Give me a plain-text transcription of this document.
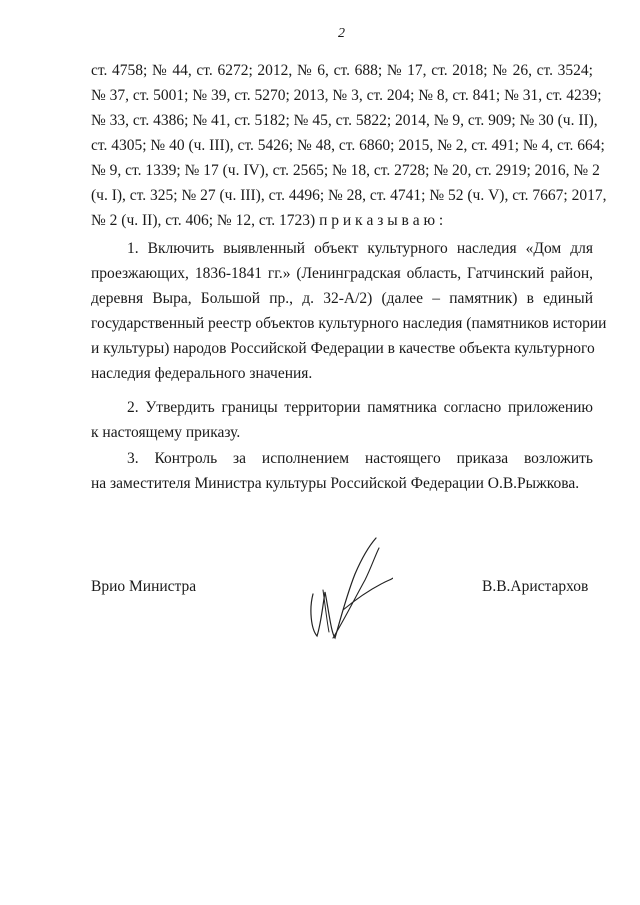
2
ст. 4758; № 44, ст. 6272; 2012, № 6, ст. 688; № 17, ст. 2018; № 26, ст. 3524;
№ 37, ст. 5001; № 39, ст. 5270; 2013, № 3, ст. 204; № 8, ст. 841; № 31, ст. 4239;
№ 33, ст. 4386; № 41, ст. 5182; № 45, ст. 5822; 2014, № 9, ст. 909; № 30 (ч. II),
ст. 4305; № 40 (ч. III), ст. 5426; № 48, ст. 6860; 2015, № 2, ст. 491; № 4, ст. 664;
№ 9, ст. 1339; № 17 (ч. IV), ст. 2565; № 18, ст. 2728; № 20, ст. 2919; 2016, № 2
(ч. I), ст. 325; № 27 (ч. III), ст. 4496; № 28, ст. 4741; № 52 (ч. V), ст. 7667; 2017,
№ 2 (ч. II), ст. 406; № 12, ст. 1723) п р и к а з ы в а ю :
1. Включить выявленный объект культурного наследия «Дом для
проезжающих, 1836-1841 гг.» (Ленинградская область, Гатчинский район,
деревня Выра, Большой пр., д. 32-А/2) (далее – памятник) в единый
государственный реестр объектов культурного наследия (памятников истории
и культуры) народов Российской Федерации в качестве объекта культурного
наследия федерального значения.
2. Утвердить границы территории памятника согласно приложению
к настоящему приказу.
3. Контроль за исполнением настоящего приказа возложить
на заместителя Министра культуры Российской Федерации О.В.Рыжкова.
Врио Министра	В.В.Аристархов
